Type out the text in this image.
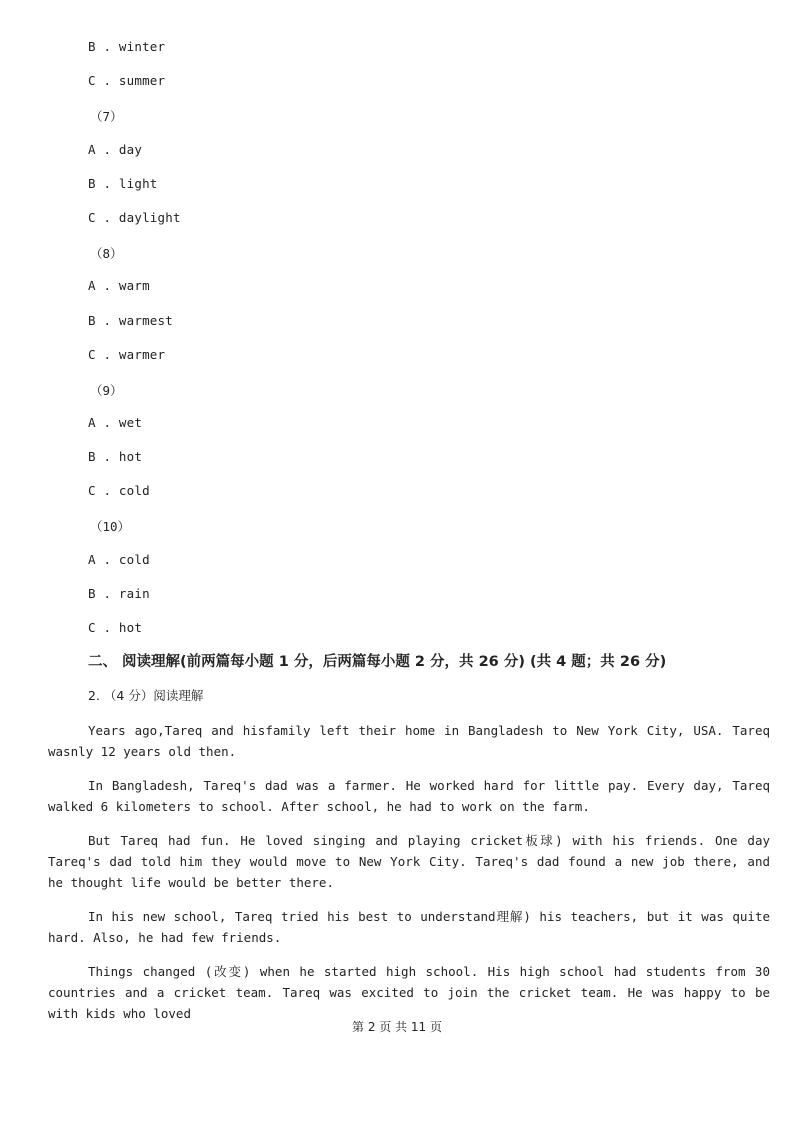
B . winter
C . summer
（7）
A . day
B . light
C . daylight
（8）
A . warm
B . warmest
C . warmer
（9）
A . wet
B . hot
C . cold
（10）
A . cold
B . rain
C . hot
二、 阅读理解(前两篇每小题 1 分，后两篇每小题 2 分，共 26 分) (共 4 题；共 26 分)
2. （4 分）阅读理解
Years ago,Tareq and hisfamily left their home in Bangladesh to New York City, USA. Tareq wasnly 12 years old then.
In Bangladesh, Tareq's dad was a farmer. He worked hard for little pay. Every day, Tareq walked 6 kilometers to school. After school, he had to work on the farm.
But Tareq had fun. He loved singing and playing cricket板球) with his friends. One day Tareq's dad told him they would move to New York City. Tareq's dad found a new job there, and he thought life would be better there.
In his new school, Tareq tried his best to understand理解) his teachers, but it was quite hard. Also, he had few friends.
Things changed (改变) when he started high school. His high school had students from 30 countries and a cricket team. Tareq was excited to join the cricket team. He was happy to be with kids who loved
第 2 页 共 11 页
